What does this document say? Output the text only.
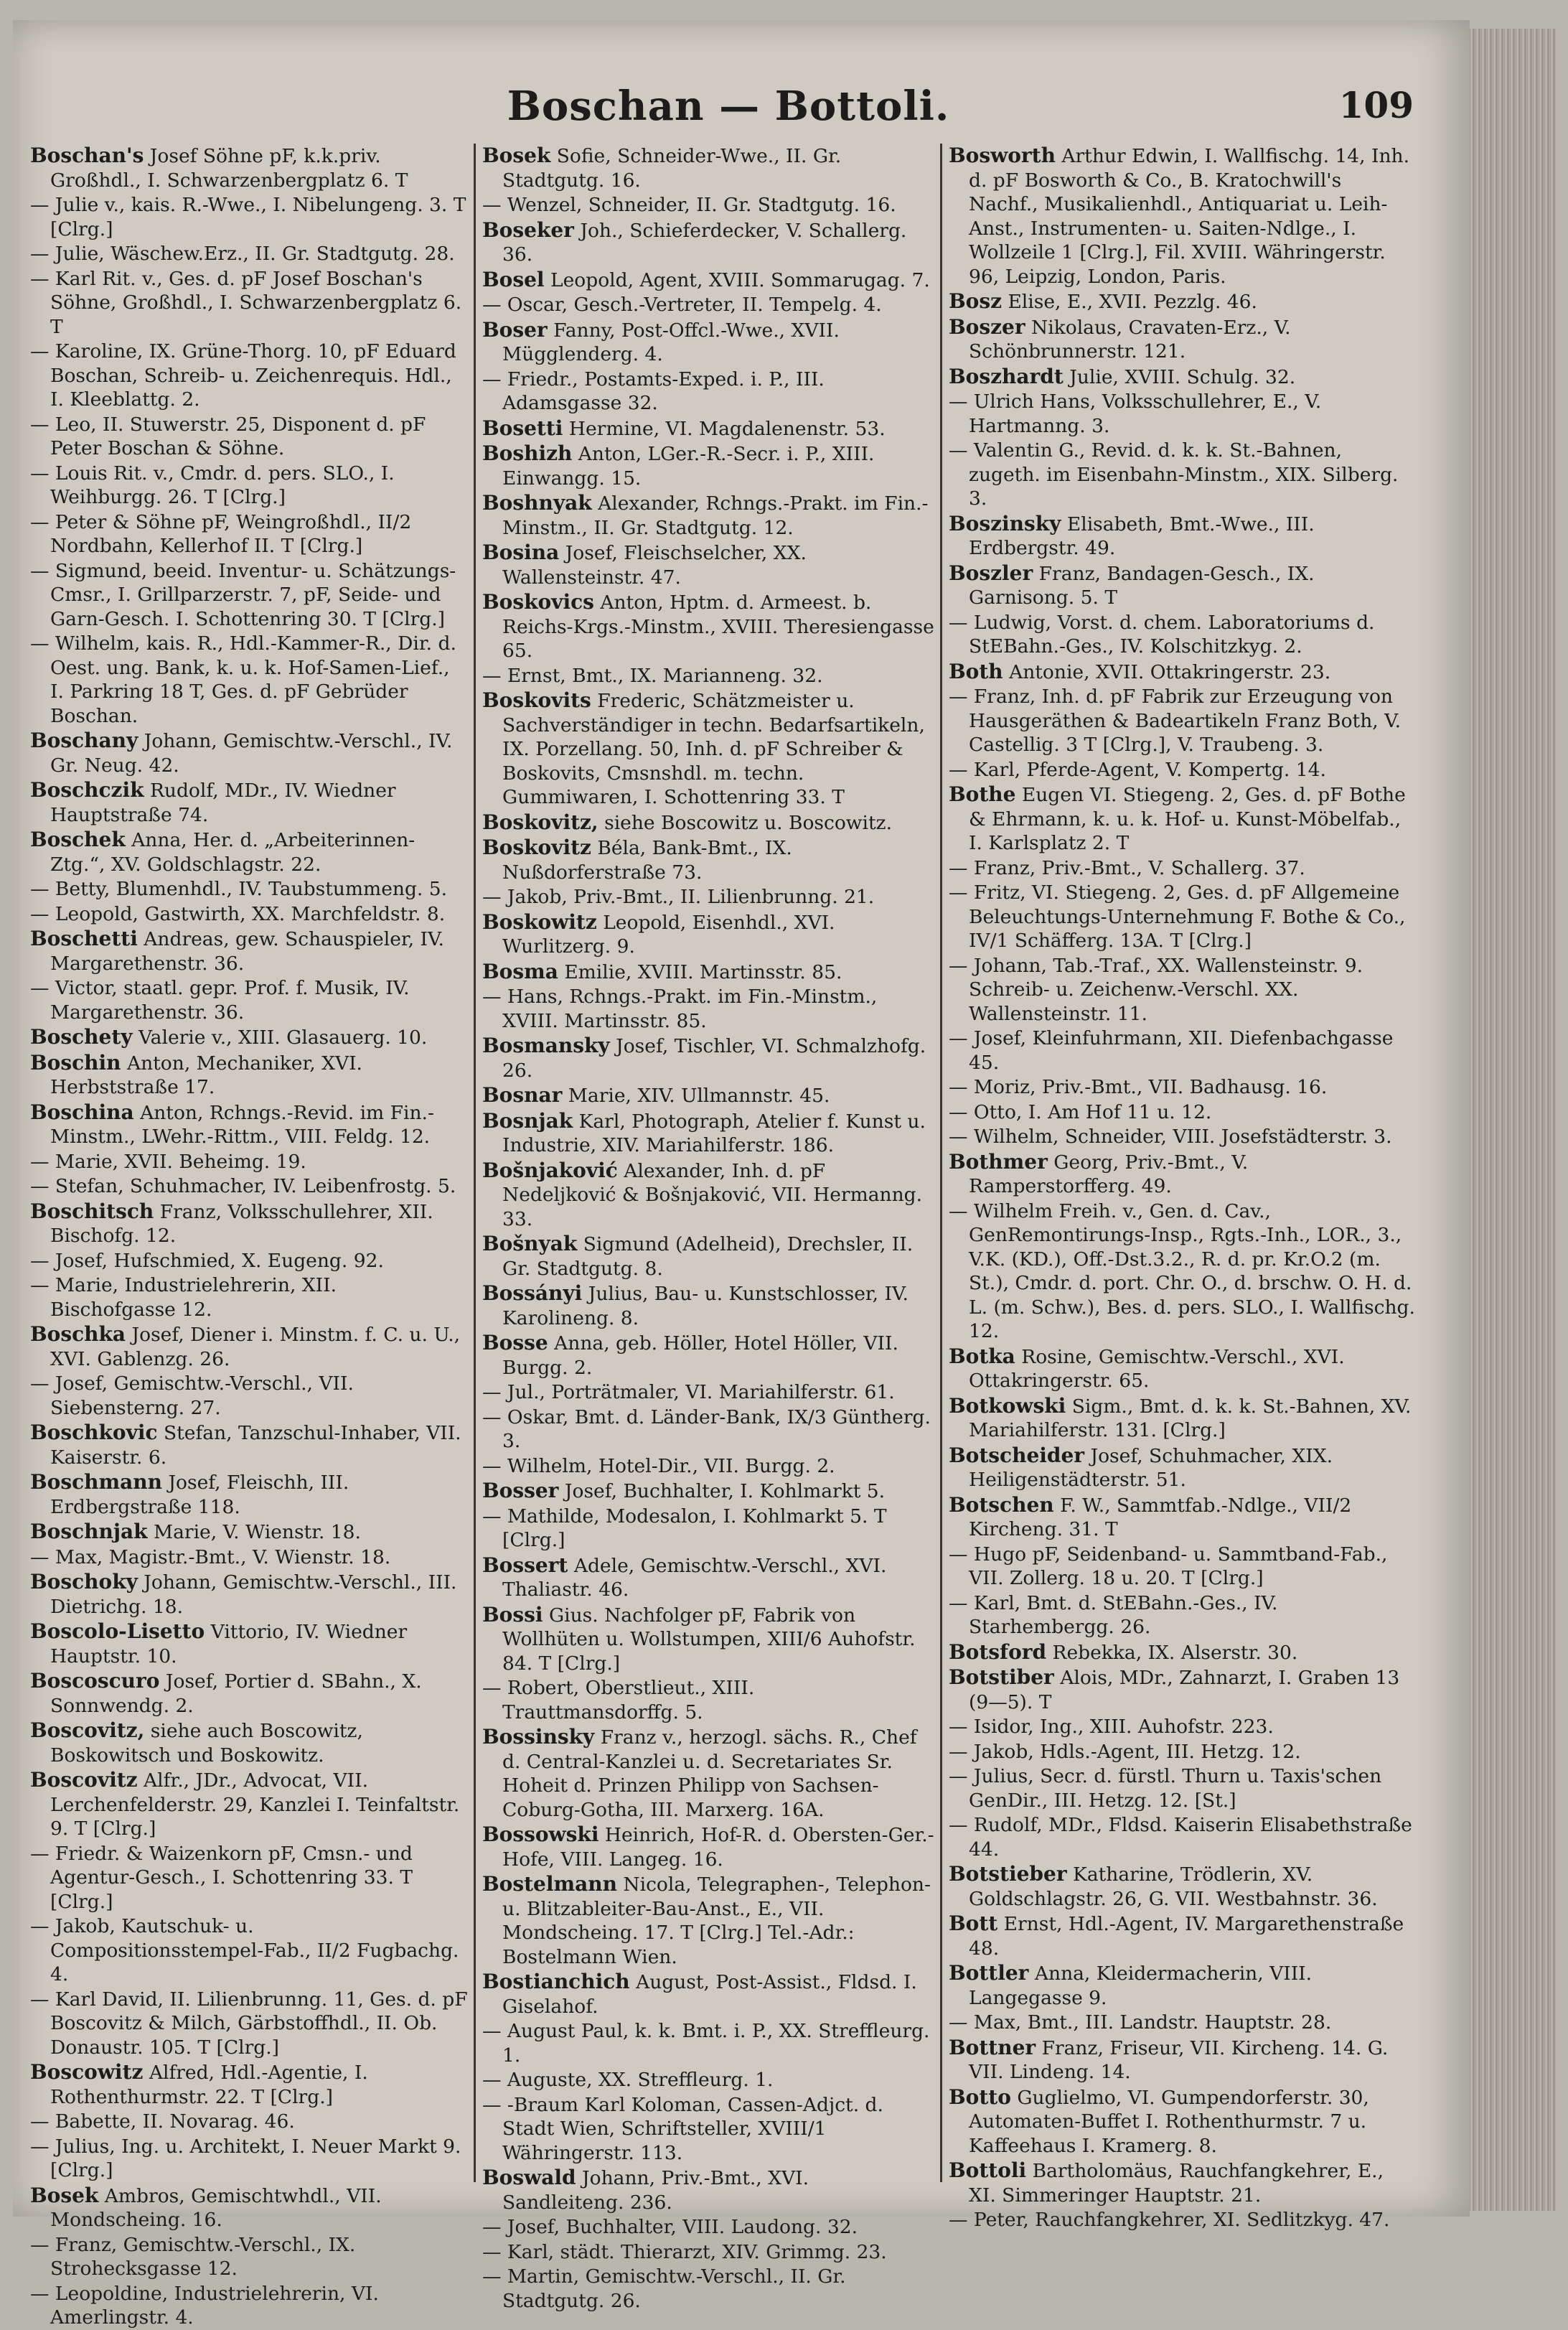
Boschan — Bottoli.	109

Boschan's Josef Söhne pF, k.k.priv. Großhdl., I. Schwarzenbergplatz 6. T

— Julie v., kais. R.-Wwe., I. Nibelungeng. 3. T [Clrg.]

— Julie, Wäschew.Erz., II. Gr. Stadtgutg. 28.

— Karl Rit. v., Ges. d. pF Josef Boschan's Söhne, Großhdl., I. Schwarzenbergplatz 6. T

— Karoline, IX. Grüne-Thorg. 10, pF Eduard Boschan, Schreib- u. Zeichenrequis. Hdl., I. Kleeblattg. 2.

— Leo, II. Stuwerstr. 25, Disponent d. pF Peter Boschan & Söhne.

— Louis Rit. v., Cmdr. d. pers. SLO., I. Weihburgg. 26. T [Clrg.]

— Peter & Söhne pF, Weingroßhdl., II/2 Nordbahn, Kellerhof II. T [Clrg.]

— Sigmund, beeid. Inventur- u. Schätzungs-Cmsr., I. Grillparzerstr. 7, pF, Seide- und Garn-Gesch. I. Schottenring 30. T [Clrg.]

— Wilhelm, kais. R., Hdl.-Kammer-R., Dir. d. Oest. ung. Bank, k. u. k. Hof-Samen-Lief., I. Parkring 18 T, Ges. d. pF Gebrüder Boschan.

Boschany Johann, Gemischtw.-Verschl., IV. Gr. Neug. 42.

Boschczik Rudolf, MDr., IV. Wiedner Hauptstraße 74.

Boschek Anna, Her. d. „Arbeiterinnen-Ztg.“, XV. Goldschlagstr. 22.

— Betty, Blumenhdl., IV. Taubstummeng. 5.

— Leopold, Gastwirth, XX. Marchfeldstr. 8.

Boschetti Andreas, gew. Schauspieler, IV. Margarethenstr. 36.

— Victor, staatl. gepr. Prof. f. Musik, IV. Margarethenstr. 36.

Boschety Valerie v., XIII. Glasauerg. 10.

Boschin Anton, Mechaniker, XVI. Herbststraße 17.

Boschina Anton, Rchngs.-Revid. im Fin.-Minstm., LWehr.-Rittm., VIII. Feldg. 12.

— Marie, XVII. Beheimg. 19.

— Stefan, Schuhmacher, IV. Leibenfrostg. 5.

Boschitsch Franz, Volksschullehrer, XII. Bischofg. 12.

— Josef, Hufschmied, X. Eugeng. 92.

— Marie, Industrielehrerin, XII. Bischofgasse 12.

Boschka Josef, Diener i. Minstm. f. C. u. U., XVI. Gablenzg. 26.

— Josef, Gemischtw.-Verschl., VII. Siebensterng. 27.

Boschkovic Stefan, Tanzschul-Inhaber, VII. Kaiserstr. 6.

Boschmann Josef, Fleischh, III. Erdbergstraße 118.

Boschnjak Marie, V. Wienstr. 18.

— Max, Magistr.-Bmt., V. Wienstr. 18.

Boschoky Johann, Gemischtw.-Verschl., III. Dietrichg. 18.

Boscolo-Lisetto Vittorio, IV. Wiedner Hauptstr. 10.

Boscoscuro Josef, Portier d. SBahn., X. Sonnwendg. 2.

Boscovitz, siehe auch Boscowitz, Boskowitsch und Boskowitz.

Boscovitz Alfr., JDr., Advocat, VII. Lerchenfelderstr. 29, Kanzlei I. Teinfaltstr. 9. T [Clrg.]

— Friedr. & Waizenkorn pF, Cmsn.- und Agentur-Gesch., I. Schottenring 33. T [Clrg.]

— Jakob, Kautschuk- u. Compositionsstempel-Fab., II/2 Fugbachg. 4.

— Karl David, II. Lilienbrunng. 11, Ges. d. pF Boscovitz & Milch, Gärbstoffhdl., II. Ob. Donaustr. 105. T [Clrg.]

Boscowitz Alfred, Hdl.-Agentie, I. Rothenthurmstr. 22. T [Clrg.]

— Babette, II. Novarag. 46.

— Julius, Ing. u. Architekt, I. Neuer Markt 9. [Clrg.]

Bosek Ambros, Gemischtwhdl., VII. Mondscheing. 16.

— Franz, Gemischtw.-Verschl., IX. Strohecksgasse 12.

— Leopoldine, Industrielehrerin, VI. Amerlingstr. 4.

Bosek Sofie, Schneider-Wwe., II. Gr. Stadtgutg. 16.

— Wenzel, Schneider, II. Gr. Stadtgutg. 16.

Boseker Joh., Schieferdecker, V. Schallerg. 36.

Bosel Leopold, Agent, XVIII. Sommarugag. 7.

— Oscar, Gesch.-Vertreter, II. Tempelg. 4.

Boser Fanny, Post-Offcl.-Wwe., XVII. Mügglenderg. 4.

— Friedr., Postamts-Exped. i. P., III. Adamsgasse 32.

Bosetti Hermine, VI. Magdalenenstr. 53.

Boshizh Anton, LGer.-R.-Secr. i. P., XIII. Einwangg. 15.

Boshnyak Alexander, Rchngs.-Prakt. im Fin.-Minstm., II. Gr. Stadtgutg. 12.

Bosina Josef, Fleischselcher, XX. Wallensteinstr. 47.

Boskovics Anton, Hptm. d. Armeest. b. Reichs-Krgs.-Minstm., XVIII. Theresiengasse 65.

— Ernst, Bmt., IX. Marianneng. 32.

Boskovits Frederic, Schätzmeister u. Sachverständiger in techn. Bedarfsartikeln, IX. Porzellang. 50, Inh. d. pF Schreiber & Boskovits, Cmsnshdl. m. techn. Gummiwaren, I. Schottenring 33. T

Boskovitz, siehe Boscowitz u. Boscowitz.

Boskovitz Béla, Bank-Bmt., IX. Nußdorferstraße 73.

— Jakob, Priv.-Bmt., II. Lilienbrunng. 21.

Boskowitz Leopold, Eisenhdl., XVI. Wurlitzerg. 9.

Bosma Emilie, XVIII. Martinsstr. 85.

— Hans, Rchngs.-Prakt. im Fin.-Minstm., XVIII. Martinsstr. 85.

Bosmansky Josef, Tischler, VI. Schmalzhofg. 26.

Bosnar Marie, XIV. Ullmannstr. 45.

Bosnjak Karl, Photograph, Atelier f. Kunst u. Industrie, XIV. Mariahilferstr. 186.

Bošnjaković Alexander, Inh. d. pF Nedeljković & Bošnjaković, VII. Hermanng. 33.

Bošnyak Sigmund (Adelheid), Drechsler, II. Gr. Stadtgutg. 8.

Bossányi Julius, Bau- u. Kunstschlosser, IV. Karolineng. 8.

Bosse Anna, geb. Höller, Hotel Höller, VII. Burgg. 2.

— Jul., Porträtmaler, VI. Mariahilferstr. 61.

— Oskar, Bmt. d. Länder-Bank, IX/3 Güntherg. 3.

— Wilhelm, Hotel-Dir., VII. Burgg. 2.

Bosser Josef, Buchhalter, I. Kohlmarkt 5.

— Mathilde, Modesalon, I. Kohlmarkt 5. T [Clrg.]

Bossert Adele, Gemischtw.-Verschl., XVI. Thaliastr. 46.

Bossi Gius. Nachfolger pF, Fabrik von Wollhüten u. Wollstumpen, XIII/6 Auhofstr. 84. T [Clrg.]

— Robert, Oberstlieut., XIII. Trauttmansdorffg. 5.

Bossinsky Franz v., herzogl. sächs. R., Chef d. Central-Kanzlei u. d. Secretariates Sr. Hoheit d. Prinzen Philipp von Sachsen-Coburg-Gotha, III. Marxerg. 16A.

Bossowski Heinrich, Hof-R. d. Obersten-Ger.-Hofe, VIII. Langeg. 16.

Bostelmann Nicola, Telegraphen-, Telephon- u. Blitzableiter-Bau-Anst., E., VII. Mondscheing. 17. T [Clrg.] Tel.-Adr.: Bostelmann Wien.

Bostianchich August, Post-Assist., Fldsd. I. Giselahof.

— August Paul, k. k. Bmt. i. P., XX. Streffleurg. 1.

— Auguste, XX. Streffleurg. 1.

— -Braum Karl Koloman, Cassen-Adjct. d. Stadt Wien, Schriftsteller, XVIII/1 Währingerstr. 113.

Boswald Johann, Priv.-Bmt., XVI. Sandleiteng. 236.

— Josef, Buchhalter, VIII. Laudong. 32.

— Karl, städt. Thierarzt, XIV. Grimmg. 23.

— Martin, Gemischtw.-Verschl., II. Gr. Stadtgutg. 26.

Bosworth Arthur Edwin, I. Wallfischg. 14, Inh. d. pF Bosworth & Co., B. Kratochwill's Nachf., Musikalienhdl., Antiquariat u. Leih-Anst., Instrumenten- u. Saiten-Ndlge., I. Wollzeile 1 [Clrg.], Fil. XVIII. Währingerstr. 96, Leipzig, London, Paris.

Bosz Elise, E., XVII. Pezzlg. 46.

Boszer Nikolaus, Cravaten-Erz., V. Schönbrunnerstr. 121.

Boszhardt Julie, XVIII. Schulg. 32.

— Ulrich Hans, Volksschullehrer, E., V. Hartmanng. 3.

— Valentin G., Revid. d. k. k. St.-Bahnen, zugeth. im Eisenbahn-Minstm., XIX. Silberg. 3.

Boszinsky Elisabeth, Bmt.-Wwe., III. Erdbergstr. 49.

Boszler Franz, Bandagen-Gesch., IX. Garnisong. 5. T

— Ludwig, Vorst. d. chem. Laboratoriums d. StEBahn.-Ges., IV. Kolschitzkyg. 2.

Both Antonie, XVII. Ottakringerstr. 23.

— Franz, Inh. d. pF Fabrik zur Erzeugung von Hausgeräthen & Badeartikeln Franz Both, V. Castellig. 3 T [Clrg.], V. Traubeng. 3.

— Karl, Pferde-Agent, V. Kompertg. 14.

Bothe Eugen VI. Stiegeng. 2, Ges. d. pF Bothe & Ehrmann, k. u. k. Hof- u. Kunst-Möbelfab., I. Karlsplatz 2. T

— Franz, Priv.-Bmt., V. Schallerg. 37.

— Fritz, VI. Stiegeng. 2, Ges. d. pF Allgemeine Beleuchtungs-Unternehmung F. Bothe & Co., IV/1 Schäfferg. 13A. T [Clrg.]

— Johann, Tab.-Traf., XX. Wallensteinstr. 9. Schreib- u. Zeichenw.-Verschl. XX. Wallensteinstr. 11.

— Josef, Kleinfuhrmann, XII. Diefenbachgasse 45.

— Moriz, Priv.-Bmt., VII. Badhausg. 16.

— Otto, I. Am Hof 11 u. 12.

— Wilhelm, Schneider, VIII. Josefstädterstr. 3.

Bothmer Georg, Priv.-Bmt., V. Ramperstorfferg. 49.

— Wilhelm Freih. v., Gen. d. Cav., GenRemontirungs-Insp., Rgts.-Inh., LOR., 3., V.K. (KD.), Off.-Dst.3.2., R. d. pr. Kr.O.2 (m. St.), Cmdr. d. port. Chr. O., d. brschw. O. H. d. L. (m. Schw.), Bes. d. pers. SLO., I. Wallfischg. 12.

Botka Rosine, Gemischtw.-Verschl., XVI. Ottakringerstr. 65.

Botkowski Sigm., Bmt. d. k. k. St.-Bahnen, XV. Mariahilferstr. 131. [Clrg.]

Botscheider Josef, Schuhmacher, XIX. Heiligenstädterstr. 51.

Botschen F. W., Sammtfab.-Ndlge., VII/2 Kircheng. 31. T

— Hugo pF, Seidenband- u. Sammtband-Fab., VII. Zollerg. 18 u. 20. T [Clrg.]

— Karl, Bmt. d. StEBahn.-Ges., IV. Starhembergg. 26.

Botsford Rebekka, IX. Alserstr. 30.

Botstiber Alois, MDr., Zahnarzt, I. Graben 13 (9—5). T

— Isidor, Ing., XIII. Auhofstr. 223.

— Jakob, Hdls.-Agent, III. Hetzg. 12.

— Julius, Secr. d. fürstl. Thurn u. Taxis'schen GenDir., III. Hetzg. 12. [St.]

— Rudolf, MDr., Fldsd. Kaiserin Elisabethstraße 44.

Botstieber Katharine, Trödlerin, XV. Goldschlagstr. 26, G. VII. Westbahnstr. 36.

Bott Ernst, Hdl.-Agent, IV. Margarethenstraße 48.

Bottler Anna, Kleidermacherin, VIII. Langegasse 9.

— Max, Bmt., III. Landstr. Hauptstr. 28.

Bottner Franz, Friseur, VII. Kircheng. 14. G. VII. Lindeng. 14.

Botto Guglielmo, VI. Gumpendorferstr. 30, Automaten-Buffet I. Rothenthurmstr. 7 u. Kaffeehaus I. Kramerg. 8.

Bottoli Bartholomäus, Rauchfangkehrer, E., XI. Simmeringer Hauptstr. 21.

— Peter, Rauchfangkehrer, XI. Sedlitzkyg. 47.
